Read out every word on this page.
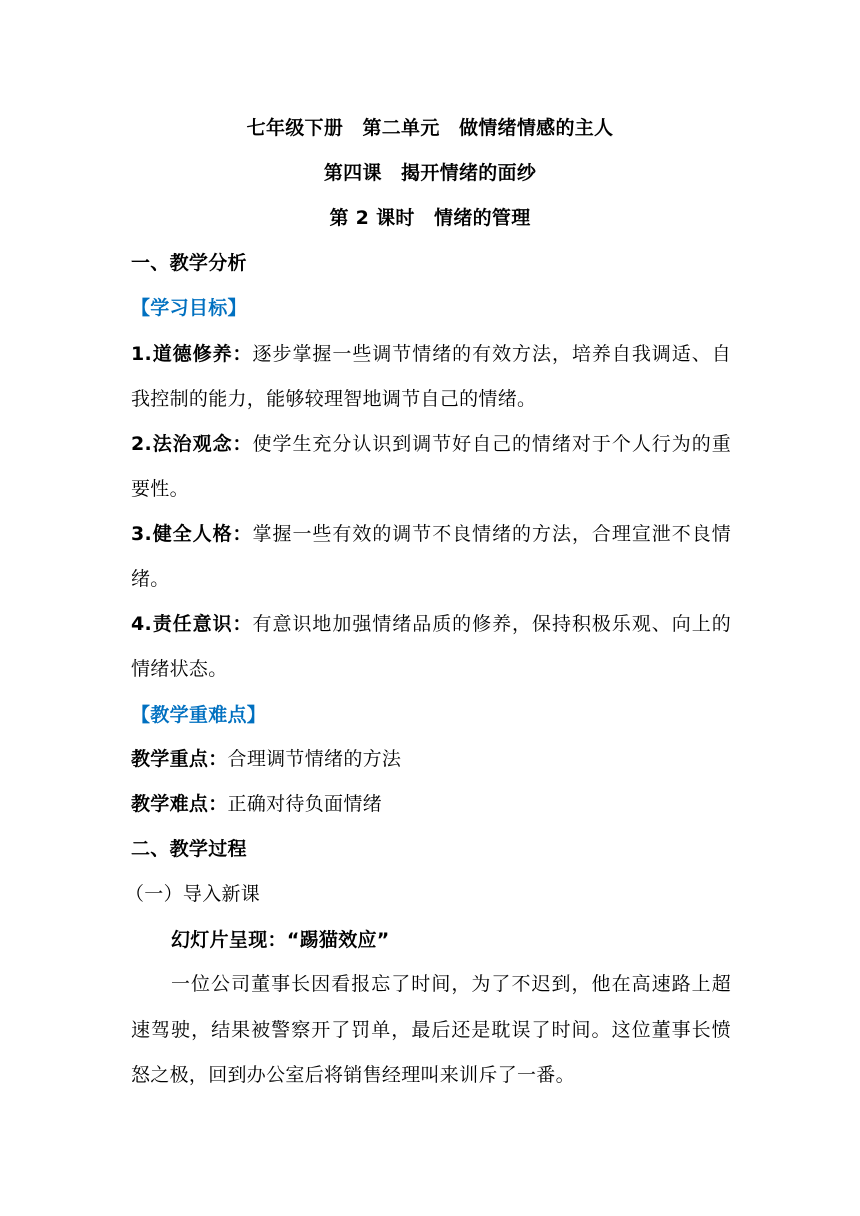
七年级下册　第二单元　做情绪情感的主人
第四课　揭开情绪的面纱
第 2 课时　情绪的管理
一、教学分析
【学习目标】
1.道德修养：逐步掌握一些调节情绪的有效方法，培养自我调适、自
我控制的能力，能够较理智地调节自己的情绪。
2.法治观念：使学生充分认识到调节好自己的情绪对于个人行为的重
要性。
3.健全人格：掌握一些有效的调节不良情绪的方法，合理宣泄不良情
绪。
4.责任意识：有意识地加强情绪品质的修养，保持积极乐观、向上的
情绪状态。
【教学重难点】
教学重点：合理调节情绪的方法
教学难点：正确对待负面情绪
二、教学过程
（一）导入新课
幻灯片呈现：“踢猫效应”
一位公司董事长因看报忘了时间，为了不迟到，他在高速路上超
速驾驶，结果被警察开了罚单，最后还是耽误了时间。这位董事长愤
怒之极，回到办公室后将销售经理叫来训斥了一番。
